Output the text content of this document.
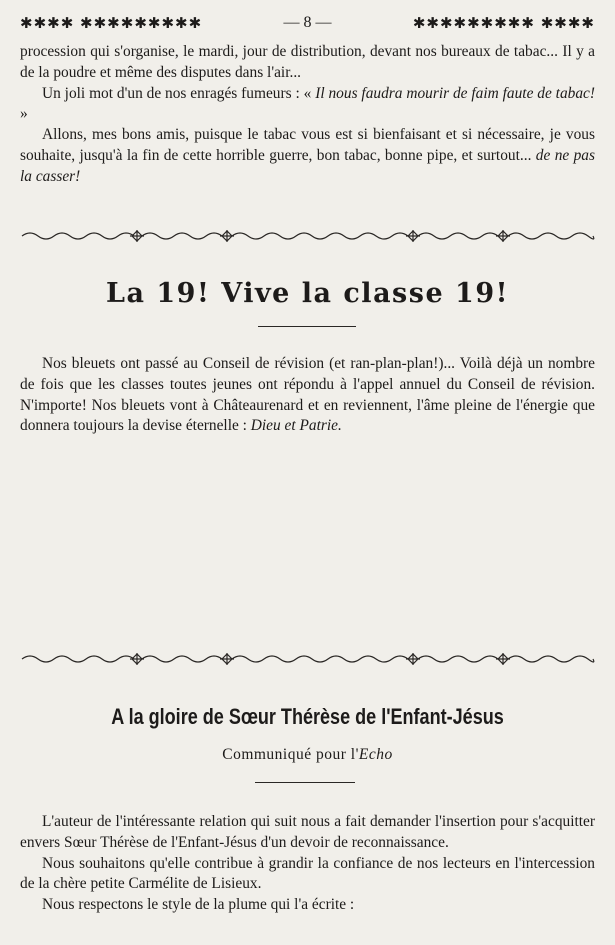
✱✱✱✱ ✱✱✱✱✱✱✱✱✱	— 8 —	✱✱✱✱✱✱✱✱✱ ✱✱✱✱

procession qui s'organise, le mardi, jour de distribution, devant nos bureaux de tabac... Il y a de la poudre et même des disputes dans l'air...

Un joli mot d'un de nos enragés fumeurs : « Il nous faudra mourir de faim faute de tabac! »

Allons, mes bons amis, puisque le tabac vous est si bienfaisant et si nécessaire, je vous souhaite, jusqu'à la fin de cette horrible guerre, bon tabac, bonne pipe, et surtout... de ne pas la casser!

La 19! Vive la classe 19!

Nos bleuets ont passé au Conseil de révision (et ran-plan-plan!)... Voilà déjà un nombre de fois que les classes toutes jeunes ont répondu à l'appel annuel du Conseil de révision. N'importe! Nos bleuets vont à Châteaurenard et en reviennent, l'âme pleine de l'énergie que donnera toujours la devise éternelle : Dieu et Patrie.

A la gloire de Sœur Thérèse de l'Enfant-Jésus
Communiqué pour l'Echo

L'auteur de l'intéressante relation qui suit nous a fait demander l'insertion pour s'acquitter envers Sœur Thérèse de l'Enfant-Jésus d'un devoir de reconnaissance.

Nous souhaitons qu'elle contribue à grandir la confiance de nos lecteurs en l'intercession de la chère petite Carmélite de Lisieux.

Nous respectons le style de la plume qui l'a écrite :
